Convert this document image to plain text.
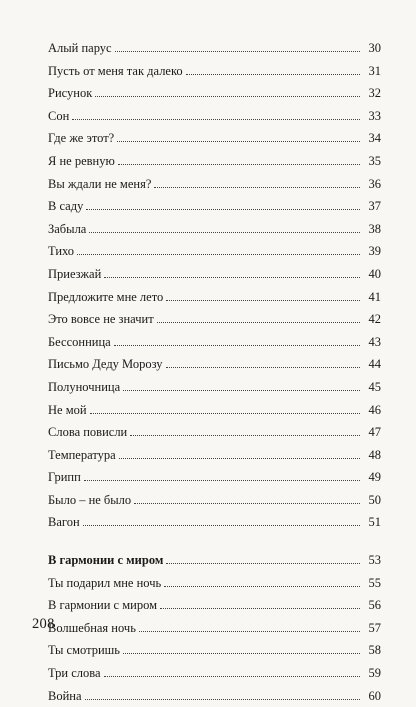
Алый парус	30
Пусть от меня так далеко	31
Рисунок	32
Сон	33
Где же этот?	34
Я не ревную	35
Вы ждали не меня?	36
В саду	37
Забыла	38
Тихо	39
Приезжай	40
Предложите мне лето	41
Это вовсе не значит	42
Бессонница	43
Письмо Деду Морозу	44
Полуночница	45
Не мой	46
Слова повисли	47
Температура	48
Грипп	49
Было – не было	50
Вагон	51
В гармонии с миром	53
Ты подарил мне ночь	55
В гармонии с миром	56
Волшебная ночь	57
Ты смотришь	58
Три слова	59
Война	60
208
